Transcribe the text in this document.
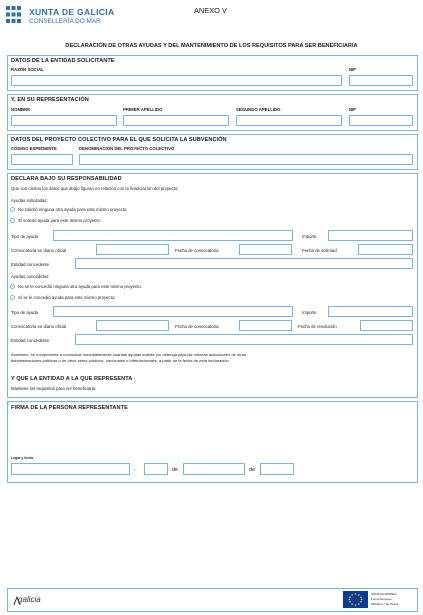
XUNTA DE GALICIA
CONSELLERÍA DO MAR
ANEXO V
DECLARACIÓN DE OTRAS AYUDAS Y DEL MANTENIMIENTO DE LOS REQUISITOS PARA SER BENEFICIARIA
DATOS DE LA ENTIDAD SOLICITANTE
RAZÓN SOCIAL	NIF
Y, EN SU REPRESENTACIÓN
NOMBRE	PRIMER APELLIDO	SEGUNDO APELLIDO	NIF
DATOS DEL PROYECTO COLECTIVO PARA EL QUE SOLICITA LA SUBVENCIÓN
CÓDIGO EXPEDIENTE	DENOMINACIÓN DEL PROYECTO COLECTIVO
DECLARA BAJO SU RESPONSABILIDAD
Que son ciertos los datos que abajo figuran en relación con la financiación del proyecto:
Ayudas solicitadas:
No solicitó ninguna otra ayuda para este mismo proyecto.
Sí solicitó ayuda para este mismo proyecto:
Tipo de ayuda	Importe
Convocatoria en diario oficial	Fecha de convocatoria	Fecha de solicitud
Entidad concedente
Ayudas concedidas:
No se le concedió ninguna otra ayuda para este mismo proyecto.
Sí se le concedió ayuda para este mismo proyecto:
Tipo de ayuda	Importe
Convocatoria en diario oficial	Fecha de convocatoria	Fecha de resolución
Entidad concedente
Asimismo, se compromete a comunicar inmediatamente cuantas ayudas solicite y/u obtenga para las mismas actuaciones de otras
administraciones públicas o de otros entes públicos, nacionales o internacionales, a partir de la fecha de esta declaración.
Y QUE LA ENTIDAD A LA QUE REPRESENTA
Mantiene los requisitos para ser beneficiaria.
FIRMA DE LA PERSONA REPRESENTANTE
Lugar y fecha
,	de	de
galicia
UNIÓN EUROPEA
Fondo Europeo
Marítimo y de Pesca
